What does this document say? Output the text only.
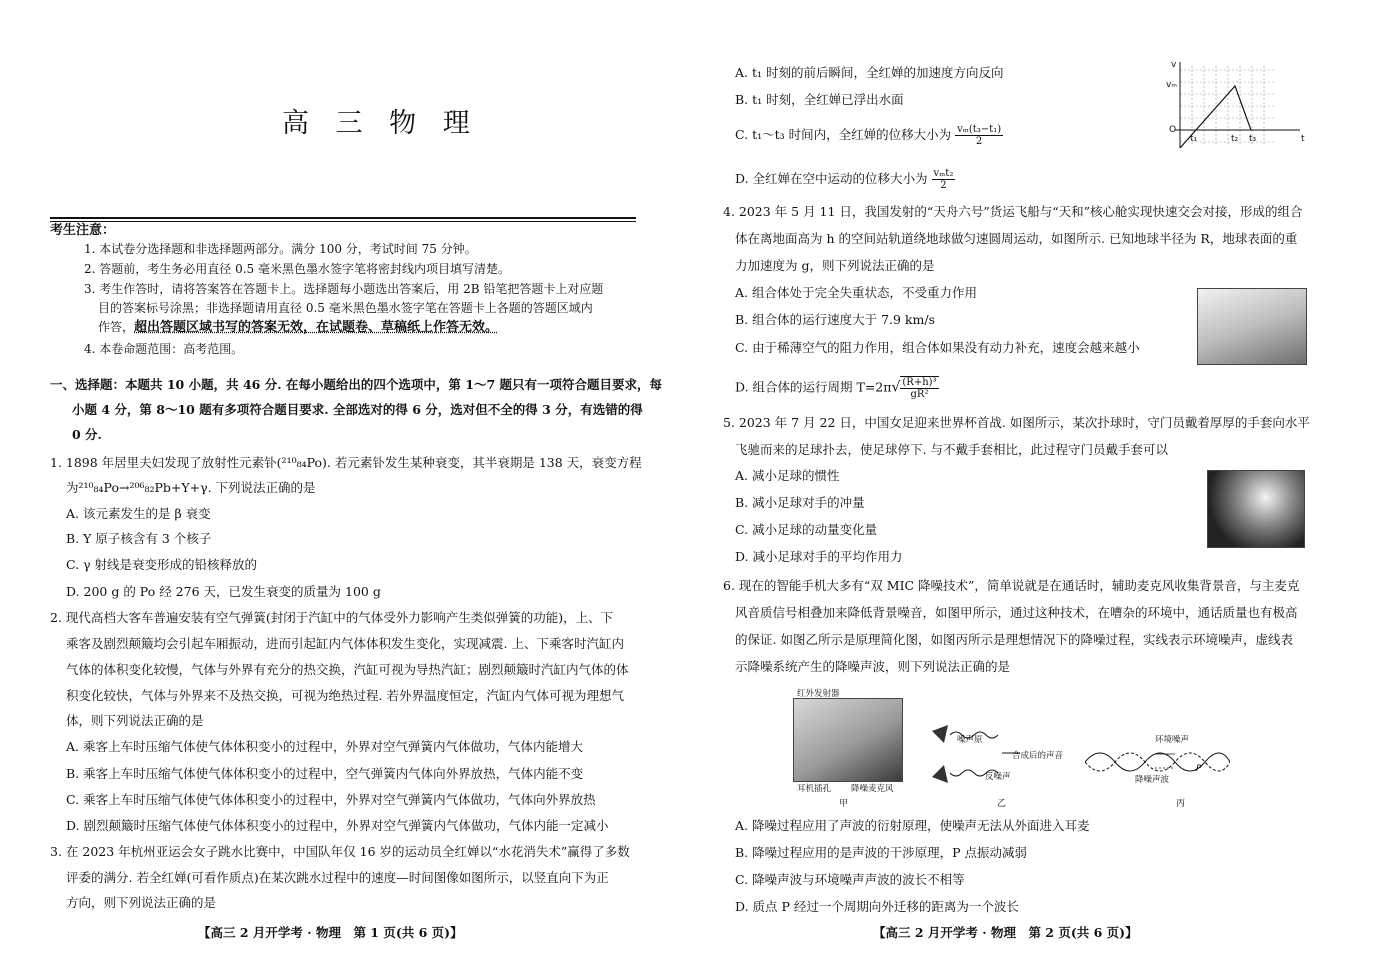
高 三 物 理
考生注意：
1. 本试卷分选择题和非选择题两部分。满分 100 分，考试时间 75 分钟。
2. 答题前，考生务必用直径 0.5 毫米黑色墨水签字笔将密封线内项目填写清楚。
3. 考生作答时，请将答案答在答题卡上。选择题每小题选出答案后，用 2B 铅笔把答题卡上对应题
目的答案标号涂黑；非选择题请用直径 0.5 毫米黑色墨水签字笔在答题卡上各题的答题区域内
作答，超出答题区域书写的答案无效，在试题卷、草稿纸上作答无效。
4. 本卷命题范围：高考范围。
一、选择题：本题共 10 小题，共 46 分. 在每小题给出的四个选项中，第 1～7 题只有一项符合题目要求，每
小题 4 分，第 8～10 题有多项符合题目要求. 全部选对的得 6 分，选对但不全的得 3 分，有选错的得
0 分.
1. 1898 年居里夫妇发现了放射性元素钋(²¹⁰₈₄Po). 若元素钋发生某种衰变，其半衰期是 138 天，衰变方程
为²¹⁰₈₄Po→²⁰⁶₈₂Pb+Y+γ. 下列说法正确的是
A. 该元素发生的是 β 衰变
B. Y 原子核含有 3 个核子
C. γ 射线是衰变形成的铅核释放的
D. 200 g 的 Po 经 276 天，已发生衰变的质量为 100 g
2. 现代高档大客车普遍安装有空气弹簧(封闭于汽缸中的气体受外力影响产生类似弹簧的功能)，上、下
乘客及剧烈颠簸均会引起车厢振动，进而引起缸内气体体积发生变化，实现减震. 上、下乘客时汽缸内
气体的体积变化较慢，气体与外界有充分的热交换，汽缸可视为导热汽缸；剧烈颠簸时汽缸内气体的体
积变化较快，气体与外界来不及热交换，可视为绝热过程. 若外界温度恒定，汽缸内气体可视为理想气
体，则下列说法正确的是
A. 乘客上车时压缩气体使气体体积变小的过程中，外界对空气弹簧内气体做功，气体内能增大
B. 乘客上车时压缩气体使气体体积变小的过程中，空气弹簧内气体向外界放热，气体内能不变
C. 乘客上车时压缩气体使气体体积变小的过程中，外界对空气弹簧内气体做功，气体向外界放热
D. 剧烈颠簸时压缩气体使气体体积变小的过程中，外界对空气弹簧内气体做功，气体内能一定减小
3. 在 2023 年杭州亚运会女子跳水比赛中，中国队年仅 16 岁的运动员全红婵以“水花消失术”赢得了多数
评委的满分. 若全红婵(可看作质点)在某次跳水过程中的速度—时间图像如图所示，以竖直向下为正
方向，则下列说法正确的是
【高三 2 月开学考 · 物理　第 1 页(共 6 页)】
A. t₁ 时刻的前后瞬间，全红婵的加速度方向反向
B. t₁ 时刻，全红婵已浮出水面
C. t₁～t₃ 时间内，全红婵的位移大小为 $\frac{\text{vₘ(t₃−t₁)}}{2}$
D. 全红婵在空中运动的位移大小为 $\frac{\text{vₘt₂}}{2}$
v
vₘ
O
t₁	t₂ t₃	t
4. 2023 年 5 月 11 日，我国发射的“天舟六号”货运飞船与“天和”核心舱实现快速交会对接，形成的组合
体在离地面高为 h 的空间站轨道绕地球做匀速圆周运动，如图所示. 已知地球半径为 R，地球表面的重
力加速度为 g，则下列说法正确的是
A. 组合体处于完全失重状态，不受重力作用
B. 组合体的运行速度大于 7.9 km/s
C. 由于稀薄空气的阻力作用，组合体如果没有动力补充，速度会越来越小
D. 组合体的运行周期 $T=2\pi√ \frac{\text{(R+h)³}}{\text{gR²}}$
5. 2023 年 7 月 22 日，中国女足迎来世界杯首战. 如图所示，某次扑球时，守门员戴着厚厚的手套向水平
飞驰而来的足球扑去，使足球停下. 与不戴手套相比，此过程守门员戴手套可以
A. 减小足球的惯性
B. 减小足球对手的冲量
C. 减小足球的动量变化量
D. 减小足球对手的平均作用力
6. 现在的智能手机大多有“双 MIC 降噪技术”，简单说就是在通话时，辅助麦克风收集背景音，与主麦克
风音质信号相叠加来降低背景噪音，如图甲所示，通过这种技术，在嘈杂的环境中，通话质量也有极高
的保证. 如图乙所示是原理简化图，如图丙所示是理想情况下的降噪过程，实线表示环境噪声，虚线表
示降噪系统产生的降噪声波，则下列说法正确的是
红外发射器
耳机插孔 降噪麦克风
甲
噪声原
合成后的声音
反噪声
乙
环境噪声
降噪声波
P
丙
A. 降噪过程应用了声波的衍射原理，使噪声无法从外面进入耳麦
B. 降噪过程应用的是声波的干涉原理，P 点振动减弱
C. 降噪声波与环境噪声声波的波长不相等
D. 质点 P 经过一个周期向外迁移的距离为一个波长
【高三 2 月开学考 · 物理　第 2 页(共 6 页)】
